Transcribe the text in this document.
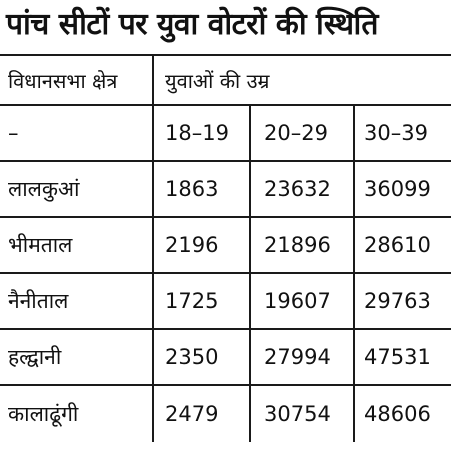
पांच सीटों पर युवा वोटरों की स्थिति
विधानसभा क्षेत्र	युवाओं की उम्र
–	18–19	20–29	30–39
लालकुआं	1863	23632	36099
भीमताल	2196	21896	28610
नैनीताल	1725	19607	29763
हल्द्वानी	2350	27994	47531
कालाढूंगी	2479	30754	48606
